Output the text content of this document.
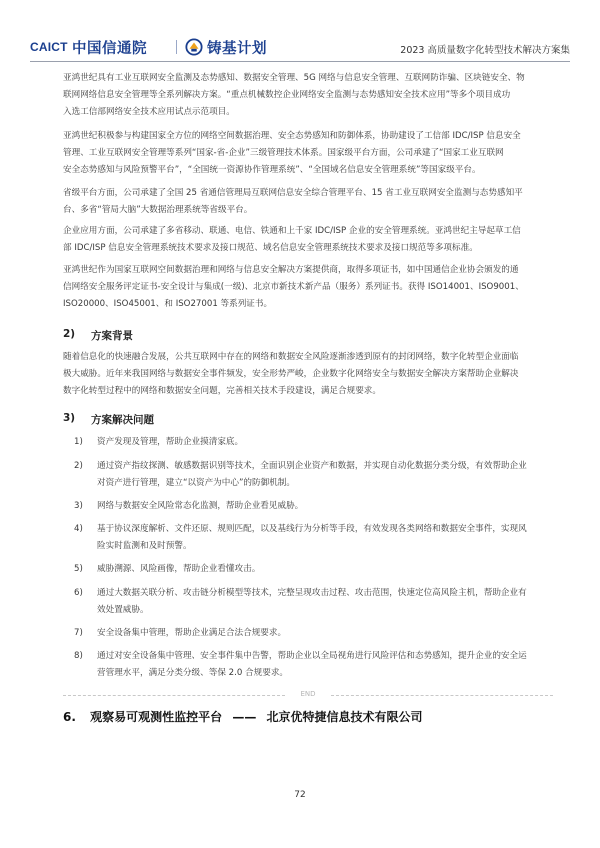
CAICT 中国信通院	铸基计划	2023 高质量数字化转型技术解决方案集
亚鸿世纪具有工业互联网安全监测及态势感知、数据安全管理、5G 网络与信息安全管理、互联网防诈骗、区块链安全、物
联网网络信息安全管理等全系列解决方案。“重点机械数控企业网络安全监测与态势感知安全技术应用”等多个项目成功
入选工信部网络安全技术应用试点示范项目。
亚鸿世纪积极参与构建国家全方位的网络空间数据治理、安全态势感知和防御体系，协助建设了工信部 IDC/ISP 信息安全
管理、工业互联网安全管理等系列“国家-省-企业”三级管理技术体系。国家级平台方面，公司承建了“国家工业互联网
安全态势感知与风险预警平台”，“全国统一资源协作管理系统”、“全国域名信息安全管理系统”等国家级平台。
省级平台方面，公司承建了全国 25 省通信管理局互联网信息安全综合管理平台、15 省工业互联网安全监测与态势感知平
台、多省“管局大脑”大数据治理系统等省级平台。
企业应用方面，公司承建了多省移动、联通、电信、铁通和上千家 IDC/ISP 企业的安全管理系统。亚鸿世纪主导起草工信
部 IDC/ISP 信息安全管理系统技术要求及接口规范、域名信息安全管理系统技术要求及接口规范等多项标准。
亚鸿世纪作为国家互联网空间数据治理和网络与信息安全解决方案提供商，取得多项证书，如中国通信企业协会颁发的通
信网络安全服务评定证书-安全设计与集成(一级)、北京市新技术新产品（服务）系列证书。获得 ISO14001、ISO9001、
ISO20000、ISO45001、和 ISO27001 等系列证书。
2) 方案背景
随着信息化的快速融合发展，公共互联网中存在的网络和数据安全风险逐渐渗透到原有的封闭网络，数字化转型企业面临
极大威胁。近年来我国网络与数据安全事件频发，安全形势严峻，企业数字化网络安全与数据安全解决方案帮助企业解决
数字化转型过程中的网络和数据安全问题，完善相关技术手段建设，满足合规要求。
3) 方案解决问题
1)	资产发现及管理，帮助企业摸清家底。
2)	通过资产指纹探测、敏感数据识别等技术，全面识别企业资产和数据，并实现自动化数据分类分级，有效帮助企业
对资产进行管理，建立“以资产为中心”的防御机制。
3)	网络与数据安全风险常态化监测，帮助企业看见威胁。
4)	基于协议深度解析、文件还原、规则匹配，以及基线行为分析等手段，有效发现各类网络和数据安全事件，实现风
险实时监测和及时预警。
5)	威胁溯源、风险画像，帮助企业看懂攻击。
6)	通过大数据关联分析、攻击链分析模型等技术，完整呈现攻击过程、攻击范围，快速定位高风险主机，帮助企业有
效处置威胁。
7)	安全设备集中管理，帮助企业满足合法合规要求。
8)	通过对安全设备集中管理、安全事件集中告警，帮助企业以全局视角进行风险评估和态势感知，提升企业的安全运
营管理水平，满足分类分级、等保 2.0 合规要求。
END
6. 观察易可观测性监控平台 —— 北京优特捷信息技术有限公司
72
